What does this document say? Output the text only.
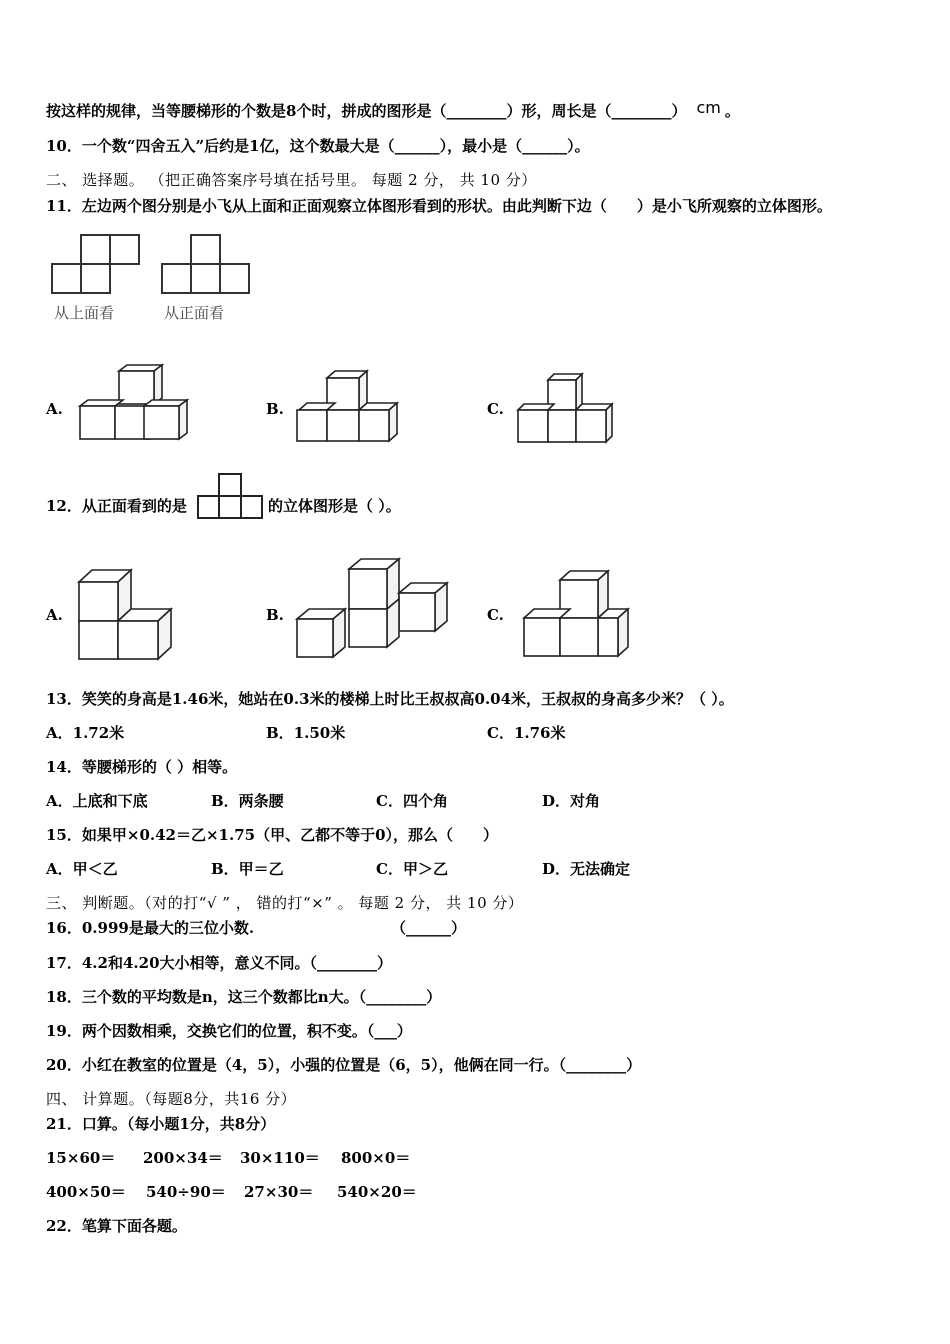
按这样的规律，当等腰梯形的个数是8个时，拼成的图形是（________）形，周长是（________） cm 。
10．一个数“四舍五入”后约是1亿，这个数最大是（______），最小是（______）。
二、 选择题。 （把正确答案序号填在括号里。 每题 2 分， 共 10 分）
11．左边两个图分别是小飞从上面和正面观察立体图形看到的形状。由此判断下边（　　）是小飞所观察的立体图形。
从上面看	从正面看
A.	B.	C.
12．从正面看到的是	的立体图形是（ ）。
A.	B.	C.
13．笑笑的身高是1.46米，她站在0.3米的楼梯上时比王叔叔高0.04米，王叔叔的身高多少米？（ ）。
A．1.72米	B．1.50米	C．1.76米
14．等腰梯形的（ ）相等。
A．上底和下底	B．两条腰	C．四个角	D．对角
15．如果甲×0.42＝乙×1.75（甲、乙都不等于0），那么（　　）
A．甲＜乙	B．甲＝乙	C．甲＞乙	D．无法确定
三、 判断题。（对的打“√ ” ， 错的打“×” 。 每题 2 分， 共 10 分）
16．0.999是最大的三位小数.	（______）
17．4.2和4.20大小相等，意义不同。（________）
18．三个数的平均数是n，这三个数都比n大。（________）
19．两个因数相乘，交换它们的位置，积不变。（___）
20．小红在教室的位置是（4，5），小强的位置是（6，5），他俩在同一行。（________）
四、 计算题。（每题8分，共16 分）
21．口算。（每小题1分，共8分）
15×60＝ 200×34＝ 30×110＝ 800×0＝
400×50＝ 540÷90＝ 27×30＝ 540×20＝
22．笔算下面各题。
